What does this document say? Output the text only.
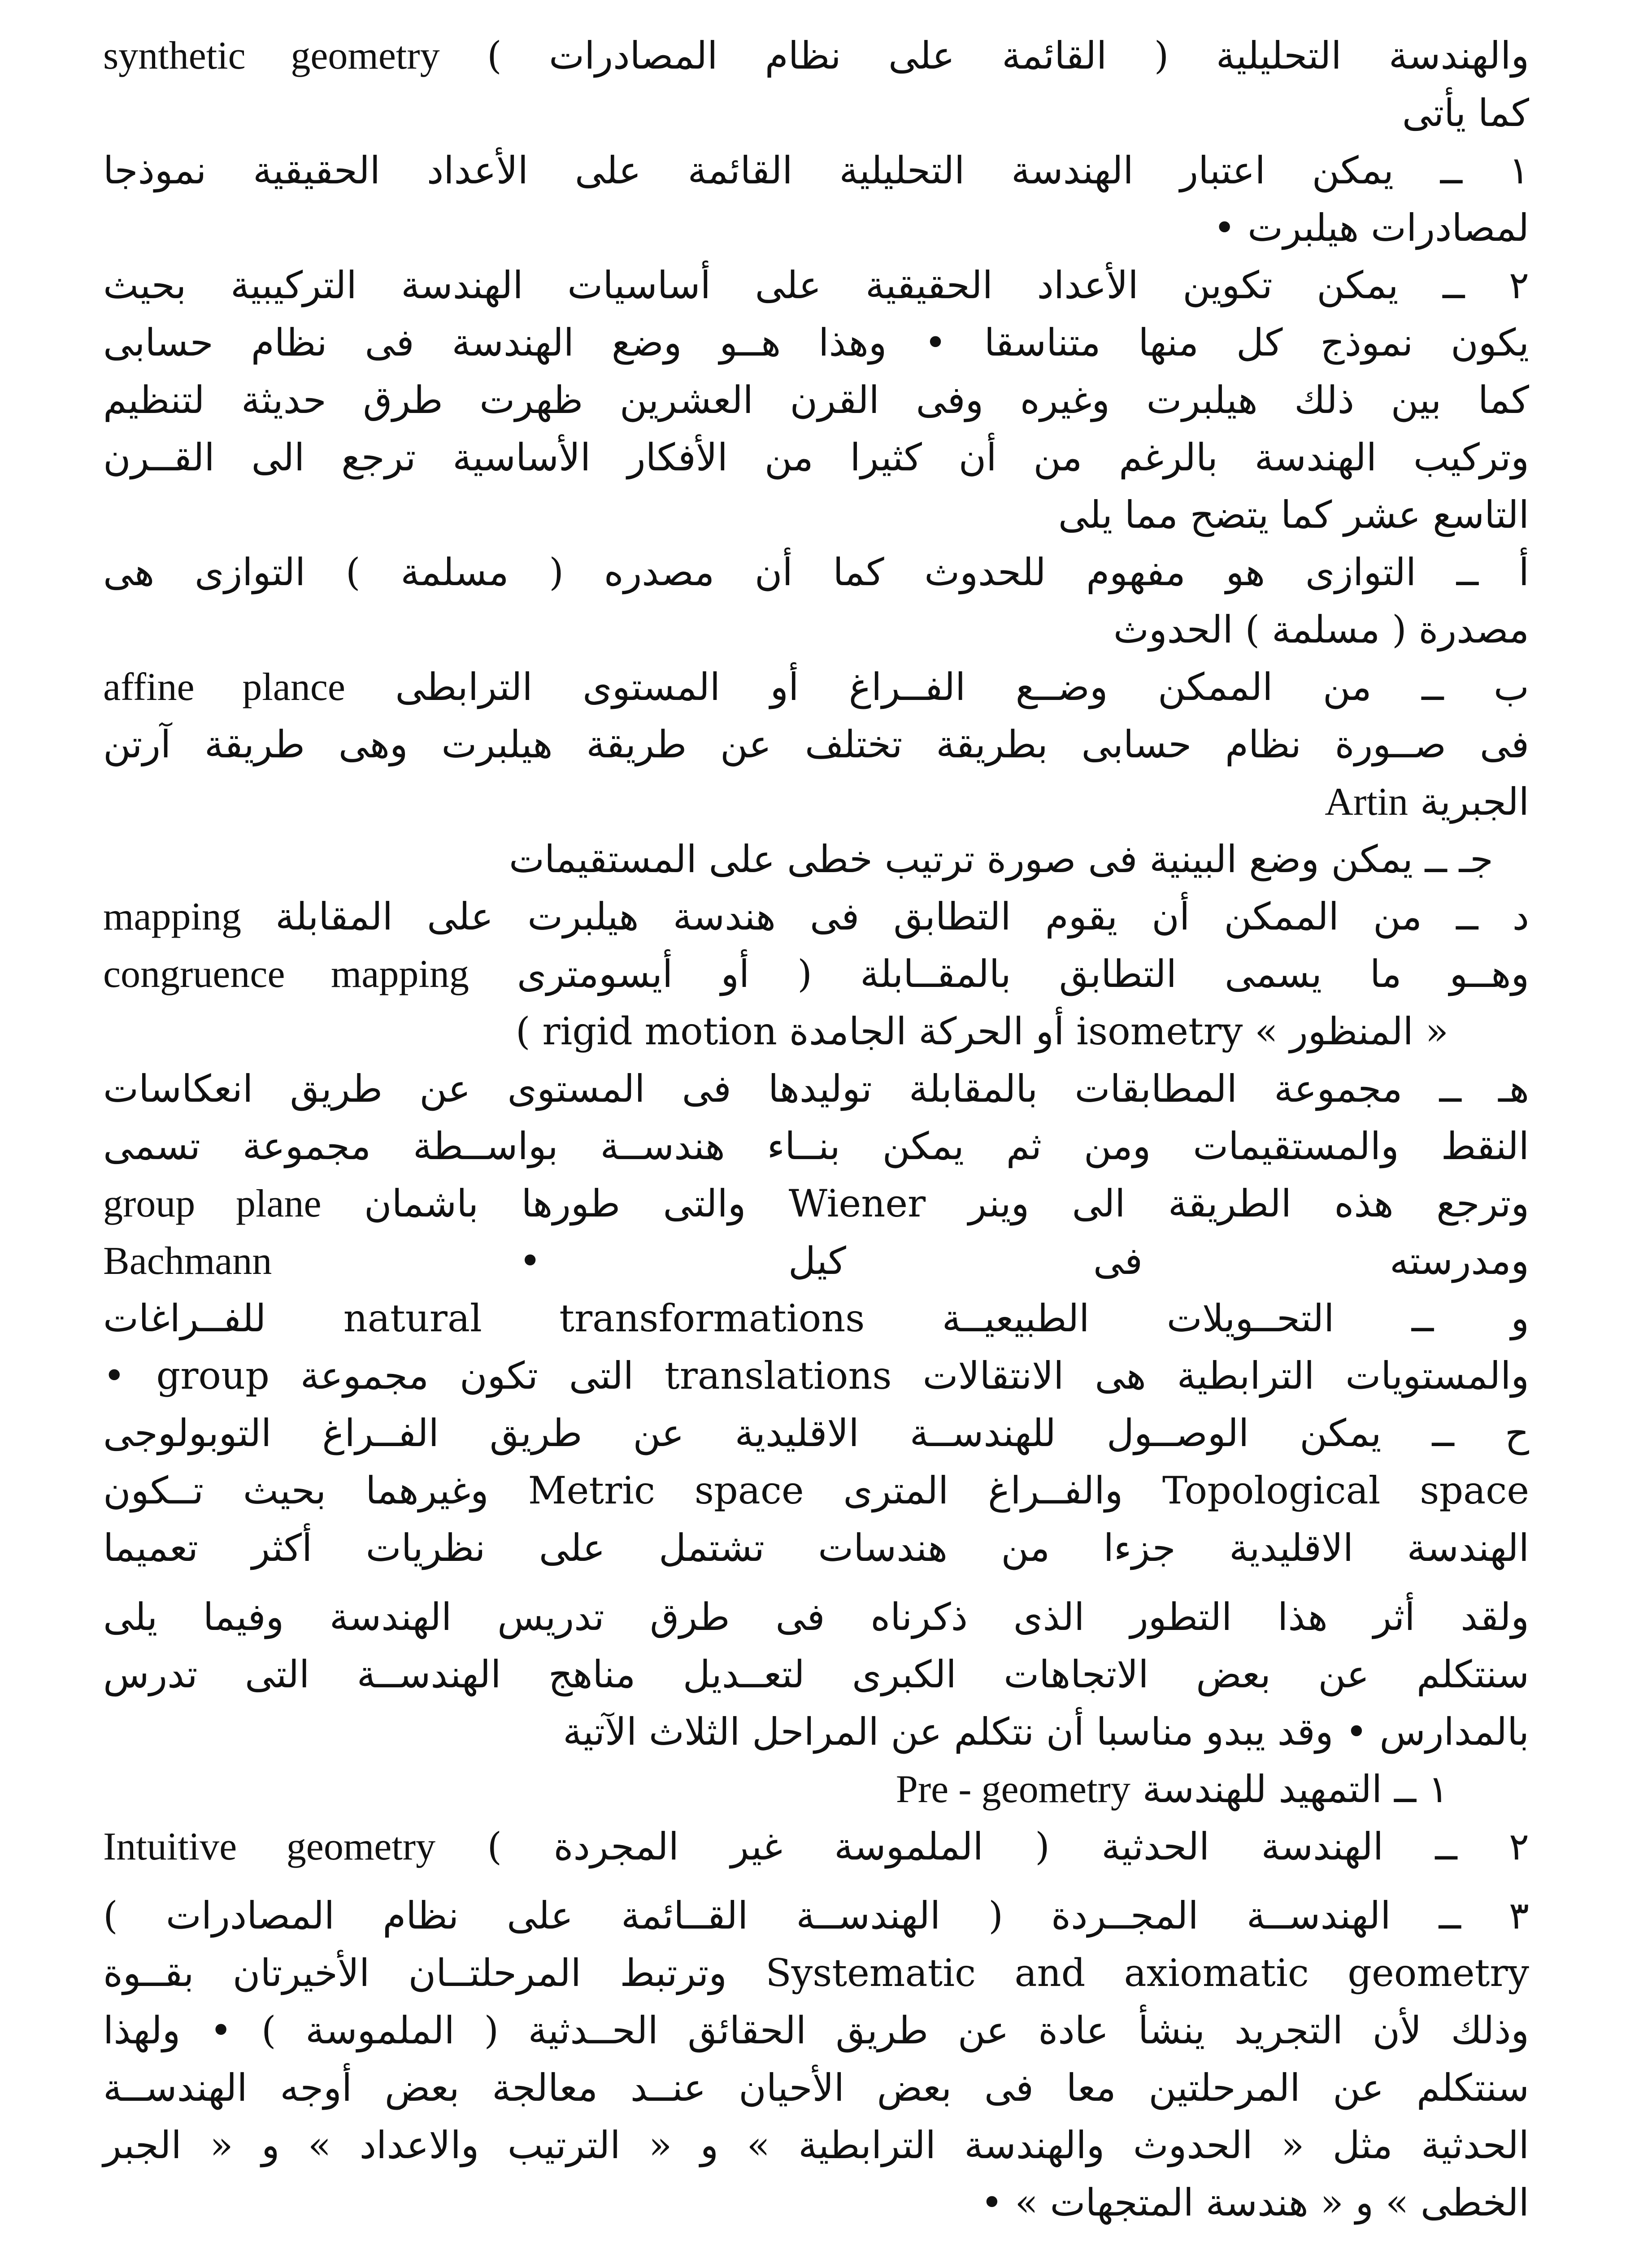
والهندسة التحليلية ( القائمة على نظام المصادرات ) synthetic geometry
كما يأتى
١ ــ يمكن اعتبار الهندسة التحليلية القائمة على الأعداد الحقيقية نموذجا
لمصادرات هيلبرت •
٢ ــ يمكن تكوين الأعداد الحقيقية على أساسيات الهندسة التركيبية بحيث
يكون نموذج كل منها متناسقا • وهذا هــو وضع الهندسة فى نظام حسابى
كما بين ذلك هيلبرت وغيره وفى القرن العشرين ظهرت طرق حديثة لتنظيم
وتركيب الهندسة بالرغم من أن كثيرا من الأفكار الأساسية ترجع الى القــرن
التاسع عشر كما يتضح مما يلى
أ ــ التوازى هو مفهوم للحدوث كما أن مصدره ( مسلمة ) التوازى هى
مصدرة ( مسلمة ) الحدوث
ب ــ من الممكن وضــع الفــراغ أو المستوى الترابطى affine plance
فى صــورة نظام حسابى بطريقة تختلف عن طريقة هيلبرت وهى طريقة آرتن
الجبرية Artin
جـ ــ يمكن وضع البينية فى صورة ترتيب خطى على المستقيمات
د ــ من الممكن أن يقوم التطابق فى هندسة هيلبرت على المقابلة mapping
وهــو ما يسمى التطابق بالمقــابلة ( أو أيسومترى congruence mapping
« المنظور » isometry أو الحركة الجامدة rigid motion )
هـ ــ مجموعة المطابقات بالمقابلة توليدها فى المستوى عن طريق انعكاسات
النقط والمستقيمات ومن ثم يمكن بنــاء هندســة بواســطة مجموعة تسمى
وترجع هذه الطريقة الى وينر Wiener والتى طورها باشمان group plane
ومدرسته فى كيل • Bachmann
و ــ التحــويلات الطبيعيــة natural transformations للفــراغات
والمستويات الترابطية هى الانتقالات translations التى تكون مجموعة group •
ح ــ يمكن الوصــول للهندســة الاقليدية عن طريق الفــراغ التوبولوجى
Topological space والفــراغ المترى Metric space وغيرهما بحيث تــكون
الهندسة الاقليدية جزءا من هندسات تشتمل على نظريات أكثر تعميما
ولقد أثر هذا التطور الذى ذكرناه فى طرق تدريس الهندسة وفيما يلى
سنتكلم عن بعض الاتجاهات الكبرى لتعــديل مناهج الهندســة التى تدرس
بالمدارس • وقد يبدو مناسبا أن نتكلم عن المراحل الثلاث الآتية
١ ــ التمهيد للهندسة Pre - geometry
٢ ــ الهندسة الحدثية ( الملموسة غير المجردة ) Intuitive geometry
٣ ــ الهندســة المجــردة ( الهندســة القــائمة على نظام المصادرات )
Systematic and axiomatic geometry وترتبط المرحلتــان الأخيرتان بقــوة
وذلك لأن التجريد ينشأ عادة عن طريق الحقائق الحــدثية ( الملموسة ) • ولهذا
سنتكلم عن المرحلتين معا فى بعض الأحيان عنــد معالجة بعض أوجه الهندســة
الحدثية مثل « الحدوث والهندسة الترابطية » و « الترتيب والاعداد » و « الجبر
الخطى » و « هندسة المتجهات » •
